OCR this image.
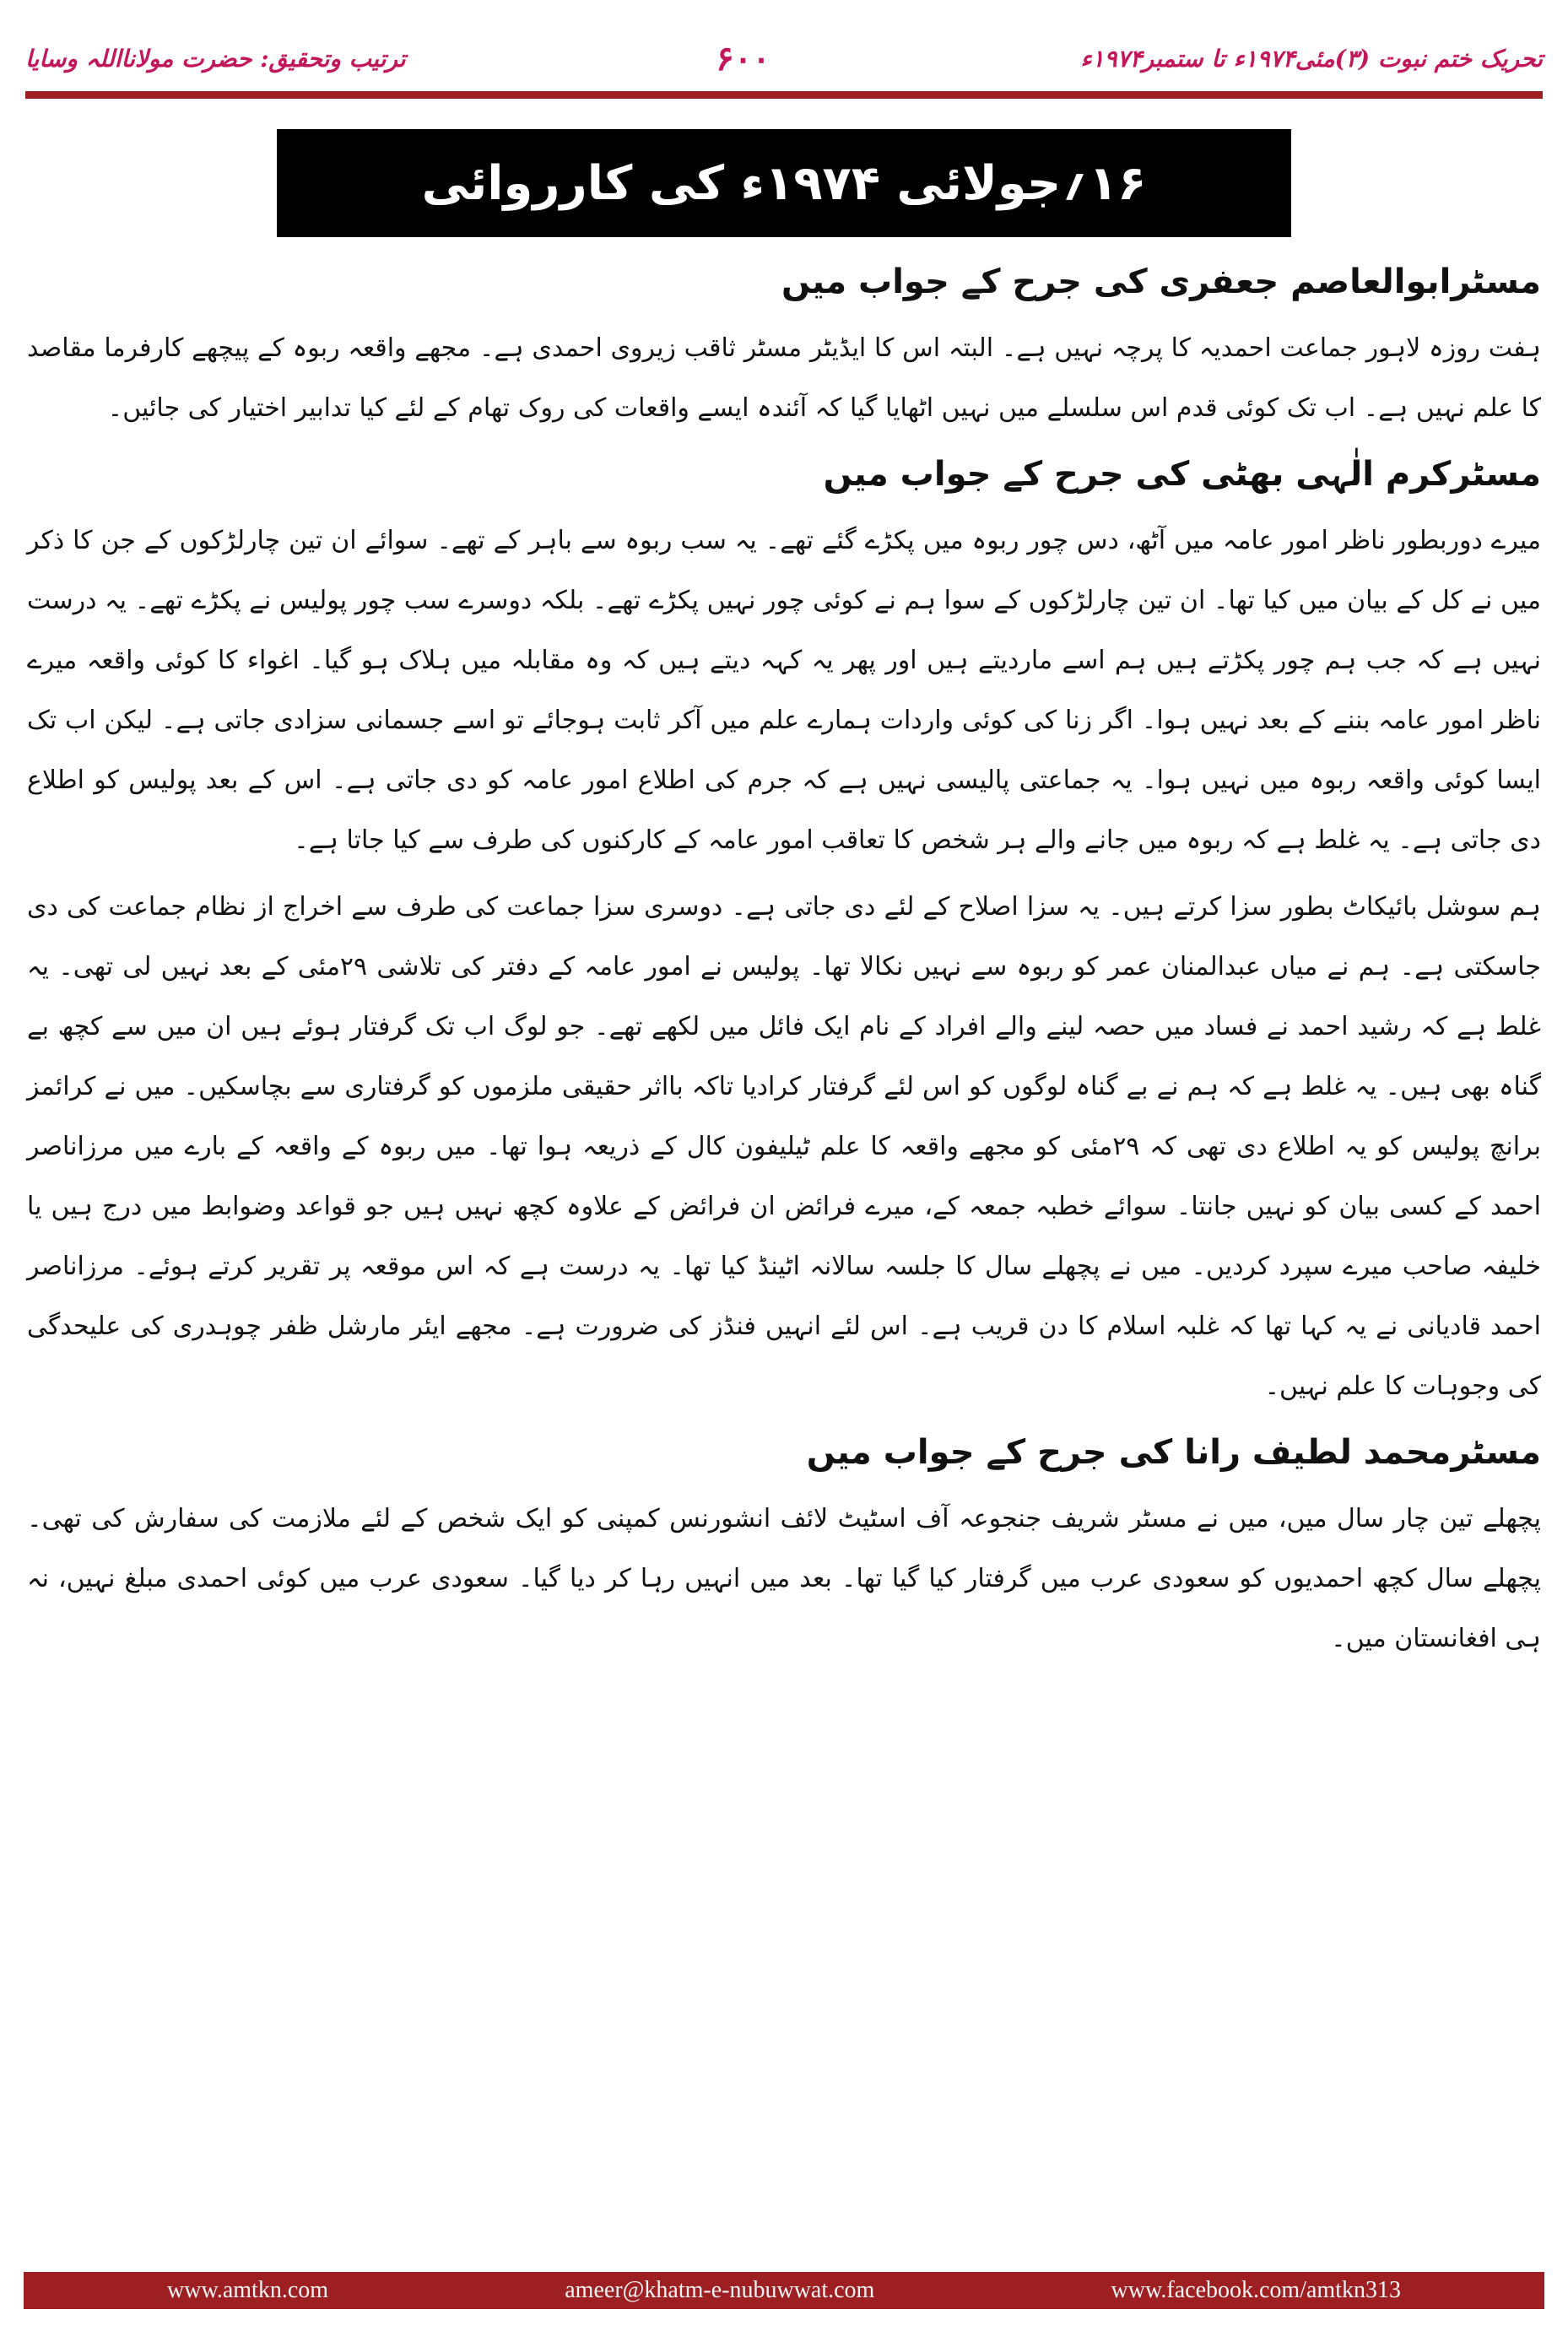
تحریک ختم نبوت (۳)مئی۱۹۷۴ء تا ستمبر۱۹۷۴ء
۶۰۰
ترتیب وتحقیق: حضرت مولانااللہ وسایا
۱۶؍جولائی ۱۹۷۴ء کی کارروائی
مسٹرابوالعاصم جعفری کی جرح کے جواب میں

ہفت روزہ لاہور جماعت احمدیہ کا پرچہ نہیں ہے۔ البتہ اس کا ایڈیٹر مسٹر ثاقب زیروی احمدی ہے۔ مجھے واقعہ ربوہ کے پیچھے کارفرما مقاصد کا علم نہیں ہے۔ اب تک کوئی قدم اس سلسلے میں نہیں اٹھایا گیا کہ آئندہ ایسے واقعات کی روک تھام کے لئے کیا تدابیر اختیار کی جائیں۔

مسٹرکرم الٰہی بھٹی کی جرح کے جواب میں

میرے دوربطور ناظر امور عامہ میں آٹھ، دس چور ربوہ میں پکڑے گئے تھے۔ یہ سب ربوہ سے باہر کے تھے۔ سوائے ان تین چارلڑکوں کے جن کا ذکر میں نے کل کے بیان میں کیا تھا۔ ان تین چارلڑکوں کے سوا ہم نے کوئی چور نہیں پکڑے تھے۔ بلکہ دوسرے سب چور پولیس نے پکڑے تھے۔ یہ درست نہیں ہے کہ جب ہم چور پکڑتے ہیں ہم اسے ماردیتے ہیں اور پھر یہ کہہ دیتے ہیں کہ وہ مقابلہ میں ہلاک ہو گیا۔ اغواء کا کوئی واقعہ میرے ناظر امور عامہ بننے کے بعد نہیں ہوا۔ اگر زنا کی کوئی واردات ہمارے علم میں آکر ثابت ہوجائے تو اسے جسمانی سزادی جاتی ہے۔ لیکن اب تک ایسا کوئی واقعہ ربوہ میں نہیں ہوا۔ یہ جماعتی پالیسی نہیں ہے کہ جرم کی اطلاع امور عامہ کو دی جاتی ہے۔ اس کے بعد پولیس کو اطلاع دی جاتی ہے۔ یہ غلط ہے کہ ربوہ میں جانے والے ہر شخص کا تعاقب امور عامہ کے کارکنوں کی طرف سے کیا جاتا ہے۔

ہم سوشل بائیکاٹ بطور سزا کرتے ہیں۔ یہ سزا اصلاح کے لئے دی جاتی ہے۔ دوسری سزا جماعت کی طرف سے اخراج از نظام جماعت کی دی جاسکتی ہے۔ ہم نے میاں عبدالمنان عمر کو ربوہ سے نہیں نکالا تھا۔ پولیس نے امور عامہ کے دفتر کی تلاشی ۲۹مئی کے بعد نہیں لی تھی۔ یہ غلط ہے کہ رشید احمد نے فساد میں حصہ لینے والے افراد کے نام ایک فائل میں لکھے تھے۔ جو لوگ اب تک گرفتار ہوئے ہیں ان میں سے کچھ بے گناہ بھی ہیں۔ یہ غلط ہے کہ ہم نے بے گناہ لوگوں کو اس لئے گرفتار کرادیا تاکہ بااثر حقیقی ملزموں کو گرفتاری سے بچاسکیں۔ میں نے کرائمز برانچ پولیس کو یہ اطلاع دی تھی کہ ۲۹مئی کو مجھے واقعہ کا علم ٹیلیفون کال کے ذریعہ ہوا تھا۔ میں ربوہ کے واقعہ کے بارے میں مرزاناصر احمد کے کسی بیان کو نہیں جانتا۔ سوائے خطبہ جمعہ کے، میرے فرائض ان فرائض کے علاوہ کچھ نہیں ہیں جو قواعد وضوابط میں درج ہیں یا خلیفہ صاحب میرے سپرد کردیں۔ میں نے پچھلے سال کا جلسہ سالانہ اٹینڈ کیا تھا۔ یہ درست ہے کہ اس موقعہ پر تقریر کرتے ہوئے۔ مرزاناصر احمد قادیانی نے یہ کہا تھا کہ غلبہ اسلام کا دن قریب ہے۔ اس لئے انہیں فنڈز کی ضرورت ہے۔ مجھے ایئر مارشل ظفر چوہدری کی علیحدگی کی وجوہات کا علم نہیں۔

مسٹرمحمد لطیف رانا کی جرح کے جواب میں

پچھلے تین چار سال میں، میں نے مسٹر شریف جنجوعہ آف اسٹیٹ لائف انشورنس کمپنی کو ایک شخص کے لئے ملازمت کی سفارش کی تھی۔ پچھلے سال کچھ احمدیوں کو سعودی عرب میں گرفتار کیا گیا تھا۔ بعد میں انہیں رہا کر دیا گیا۔ سعودی عرب میں کوئی احمدی مبلغ نہیں، نہ ہی افغانستان میں۔

www.amtkn.com	ameer@khatm-e-nubuwwat.com	www.facebook.com/amtkn313
